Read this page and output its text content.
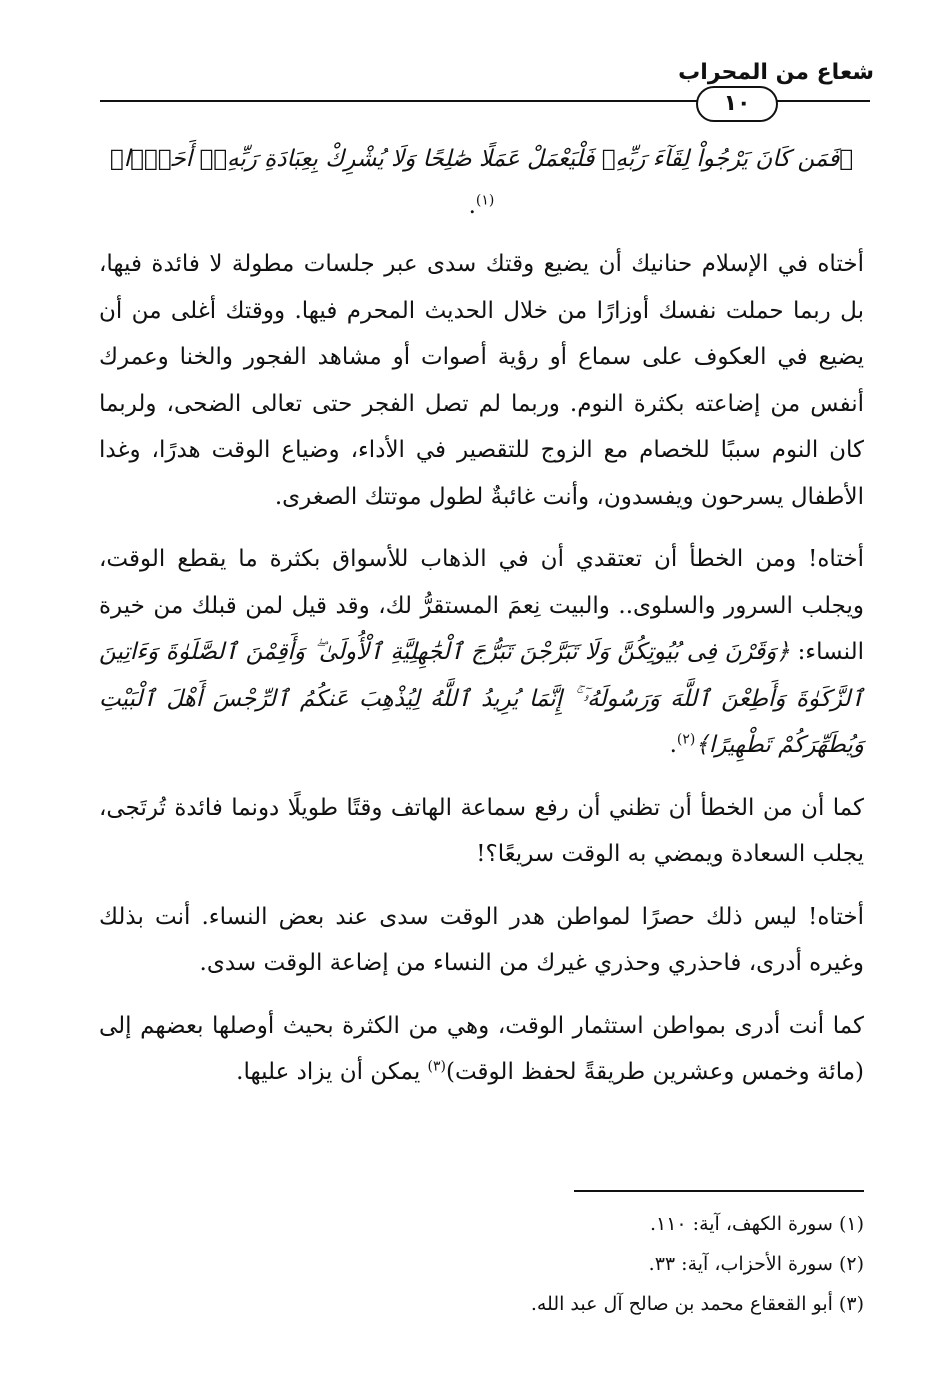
شعاع من المحراب
١٠

﴿فَمَن كَانَ يَرْجُواْ لِقَآءَ رَبِّهِۦ فَلْيَعْمَلْ عَمَلًا صَٰلِحًا وَلَا يُشْرِكْ بِعِبَادَةِ رَبِّهِۦٓ أَحَدًۢا﴾$^{(١)}$.

أختاه في الإسلام حنانيك أن يضيع وقتك سدى عبر جلسات مطولة لا فائدة فيها، بل ربما حملت نفسك أوزارًا من خلال الحديث المحرم فيها. ووقتك أغلى من أن يضيع في العكوف على سماع أو رؤية أصوات أو مشاهد الفجور والخنا وعمرك أنفس من إضاعته بكثرة النوم. وربما لم تصل الفجر حتى تعالى الضحى، ولربما كان النوم سببًا للخصام مع الزوج للتقصير في الأداء، وضياع الوقت هدرًا، وغدا الأطفال يسرحون ويفسدون، وأنت غائبةٌ لطول موتتك الصغرى.

أختاه! ومن الخطأ أن تعتقدي أن في الذهاب للأسواق بكثرة ما يقطع الوقت، ويجلب السرور والسلوى.. والبيت نِعمَ المستقرُّ لك، وقد قيل لمن قبلك من خيرة النساء: ﴿وَقَرْنَ فِى بُيُوتِكُنَّ وَلَا تَبَرَّجْنَ تَبَرُّجَ ٱلْجَٰهِلِيَّةِ ٱلْأُولَىٰ ۖ وَأَقِمْنَ ٱلصَّلَوٰةَ وَءَاتِينَ ٱلزَّكَوٰةَ وَأَطِعْنَ ٱللَّهَ وَرَسُولَهُۥٓ ۚ إِنَّمَا يُرِيدُ ٱللَّهُ لِيُذْهِبَ عَنكُمُ ٱلرِّجْسَ أَهْلَ ٱلْبَيْتِ وَيُطَهِّرَكُمْ تَطْهِيرًا﴾$^{(٢)}$.

كما أن من الخطأ أن تظني أن رفع سماعة الهاتف وقتًا طويلًا دونما فائدة تُرتَجى، يجلب السعادة ويمضي به الوقت سريعًا؟!

أختاه! ليس ذلك حصرًا لمواطن هدر الوقت سدى عند بعض النساء. أنت بذلك وغيره أدرى، فاحذري وحذري غيرك من النساء من إضاعة الوقت سدى.

كما أنت أدرى بمواطن استثمار الوقت، وهي من الكثرة بحيث أوصلها بعضهم إلى (مائة وخمس وعشرين طريقةً لحفظ الوقت)$^{(٣)}$ يمكن أن يزاد عليها.

(١) سورة الكهف، آية: ١١٠.
(٢) سورة الأحزاب، آية: ٣٣.
(٣) أبو القعقاع محمد بن صالح آل عبد الله.
